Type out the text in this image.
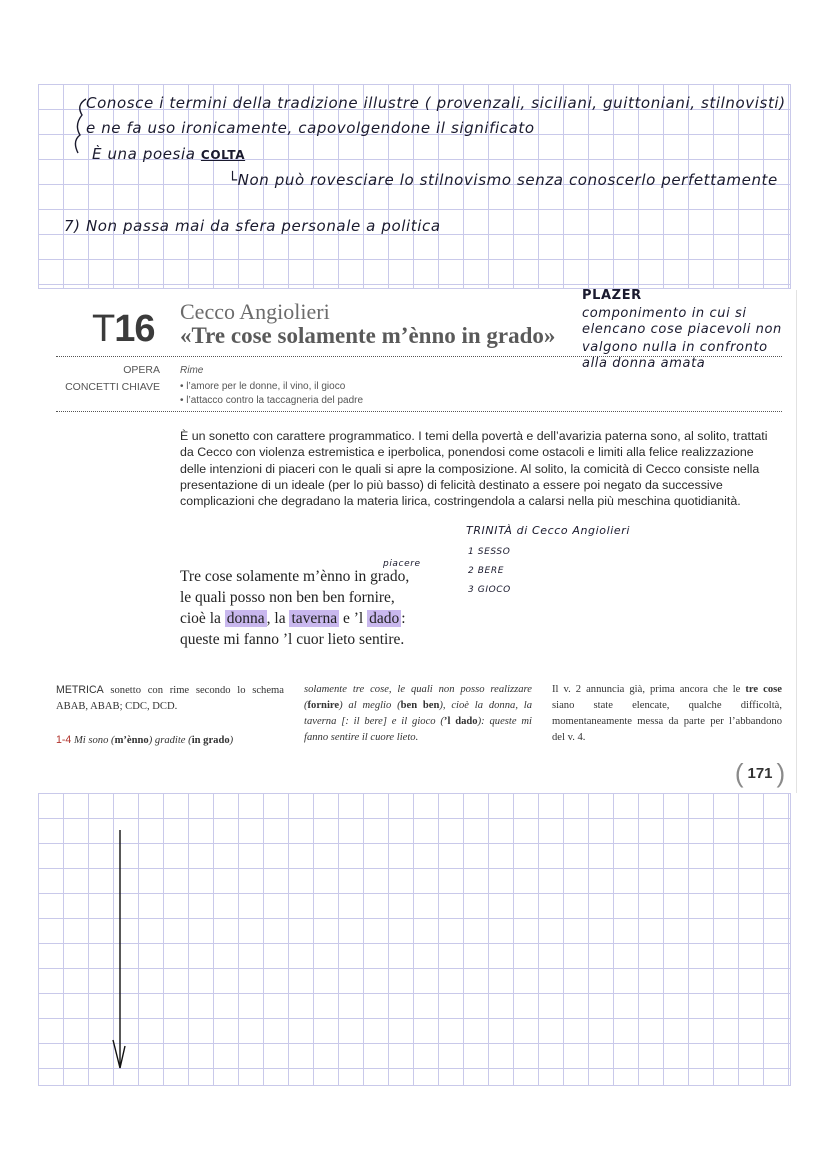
Conosce i termini della tradizione illustre ( provenzali, siciliani, guittoniani, stilnovisti)
e ne fa uso ironicamente, capovolgendone il significato
È una poesia COLTA
└Non può rovesciare lo stilnovismo senza conoscerlo perfettamente
7) Non passa mai da sfera personale a politica
T16 Cecco Angiolieri
«Tre cose solamente m’ènno in grado»
PLAZER
componimento in cui si
elencano cose piacevoli non
valgono nulla in confronto
alla donna amata
OPERA Rime
CONCETTI CHIAVE • l’amore per le donne, il vino, il gioco
• l’attacco contro la taccagneria del padre
È un sonetto con carattere programmatico. I temi della povertà e dell’avarizia paterna sono, al solito, trattati da Cecco con violenza estremistica e iperbolica, ponendosi come ostacoli e limiti alla felice realizzazione delle intenzioni di piaceri con le quali si apre la composizione. Al solito, la comicità di Cecco consiste nella presentazione di un ideale (per lo più basso) di felicità destinato a essere poi negato da successive complicazioni che degradano la materia lirica, costringendola a calarsi nella più meschina quotidianità.
TRINITÀ di Cecco Angiolieri
1 SESSO
2 BERE
3 GIOCO
piacere
Tre cose solamente m’ènno in grado,
le quali posso non ben ben fornire,
cioè la donna , la taverna e ’l dado :
queste mi fanno ’l cuor lieto sentire.
METRICA sonetto con rime secondo lo schema ABAB, ABAB; CDC, DCD.
1-4 Mi sono (m’ènno) gradite (in grado)
solamente tre cose, le quali non posso realizzare (fornire) al meglio (ben ben), cioè la donna, la taverna [: il bere] e il gioco (’l dado): queste mi fanno sentire il cuore lieto.
Il v. 2 annuncia già, prima ancora che le tre cose siano state elencate, qualche difficoltà, momentaneamente messa da parte per l’abbandono del v. 4.
( 171 )
